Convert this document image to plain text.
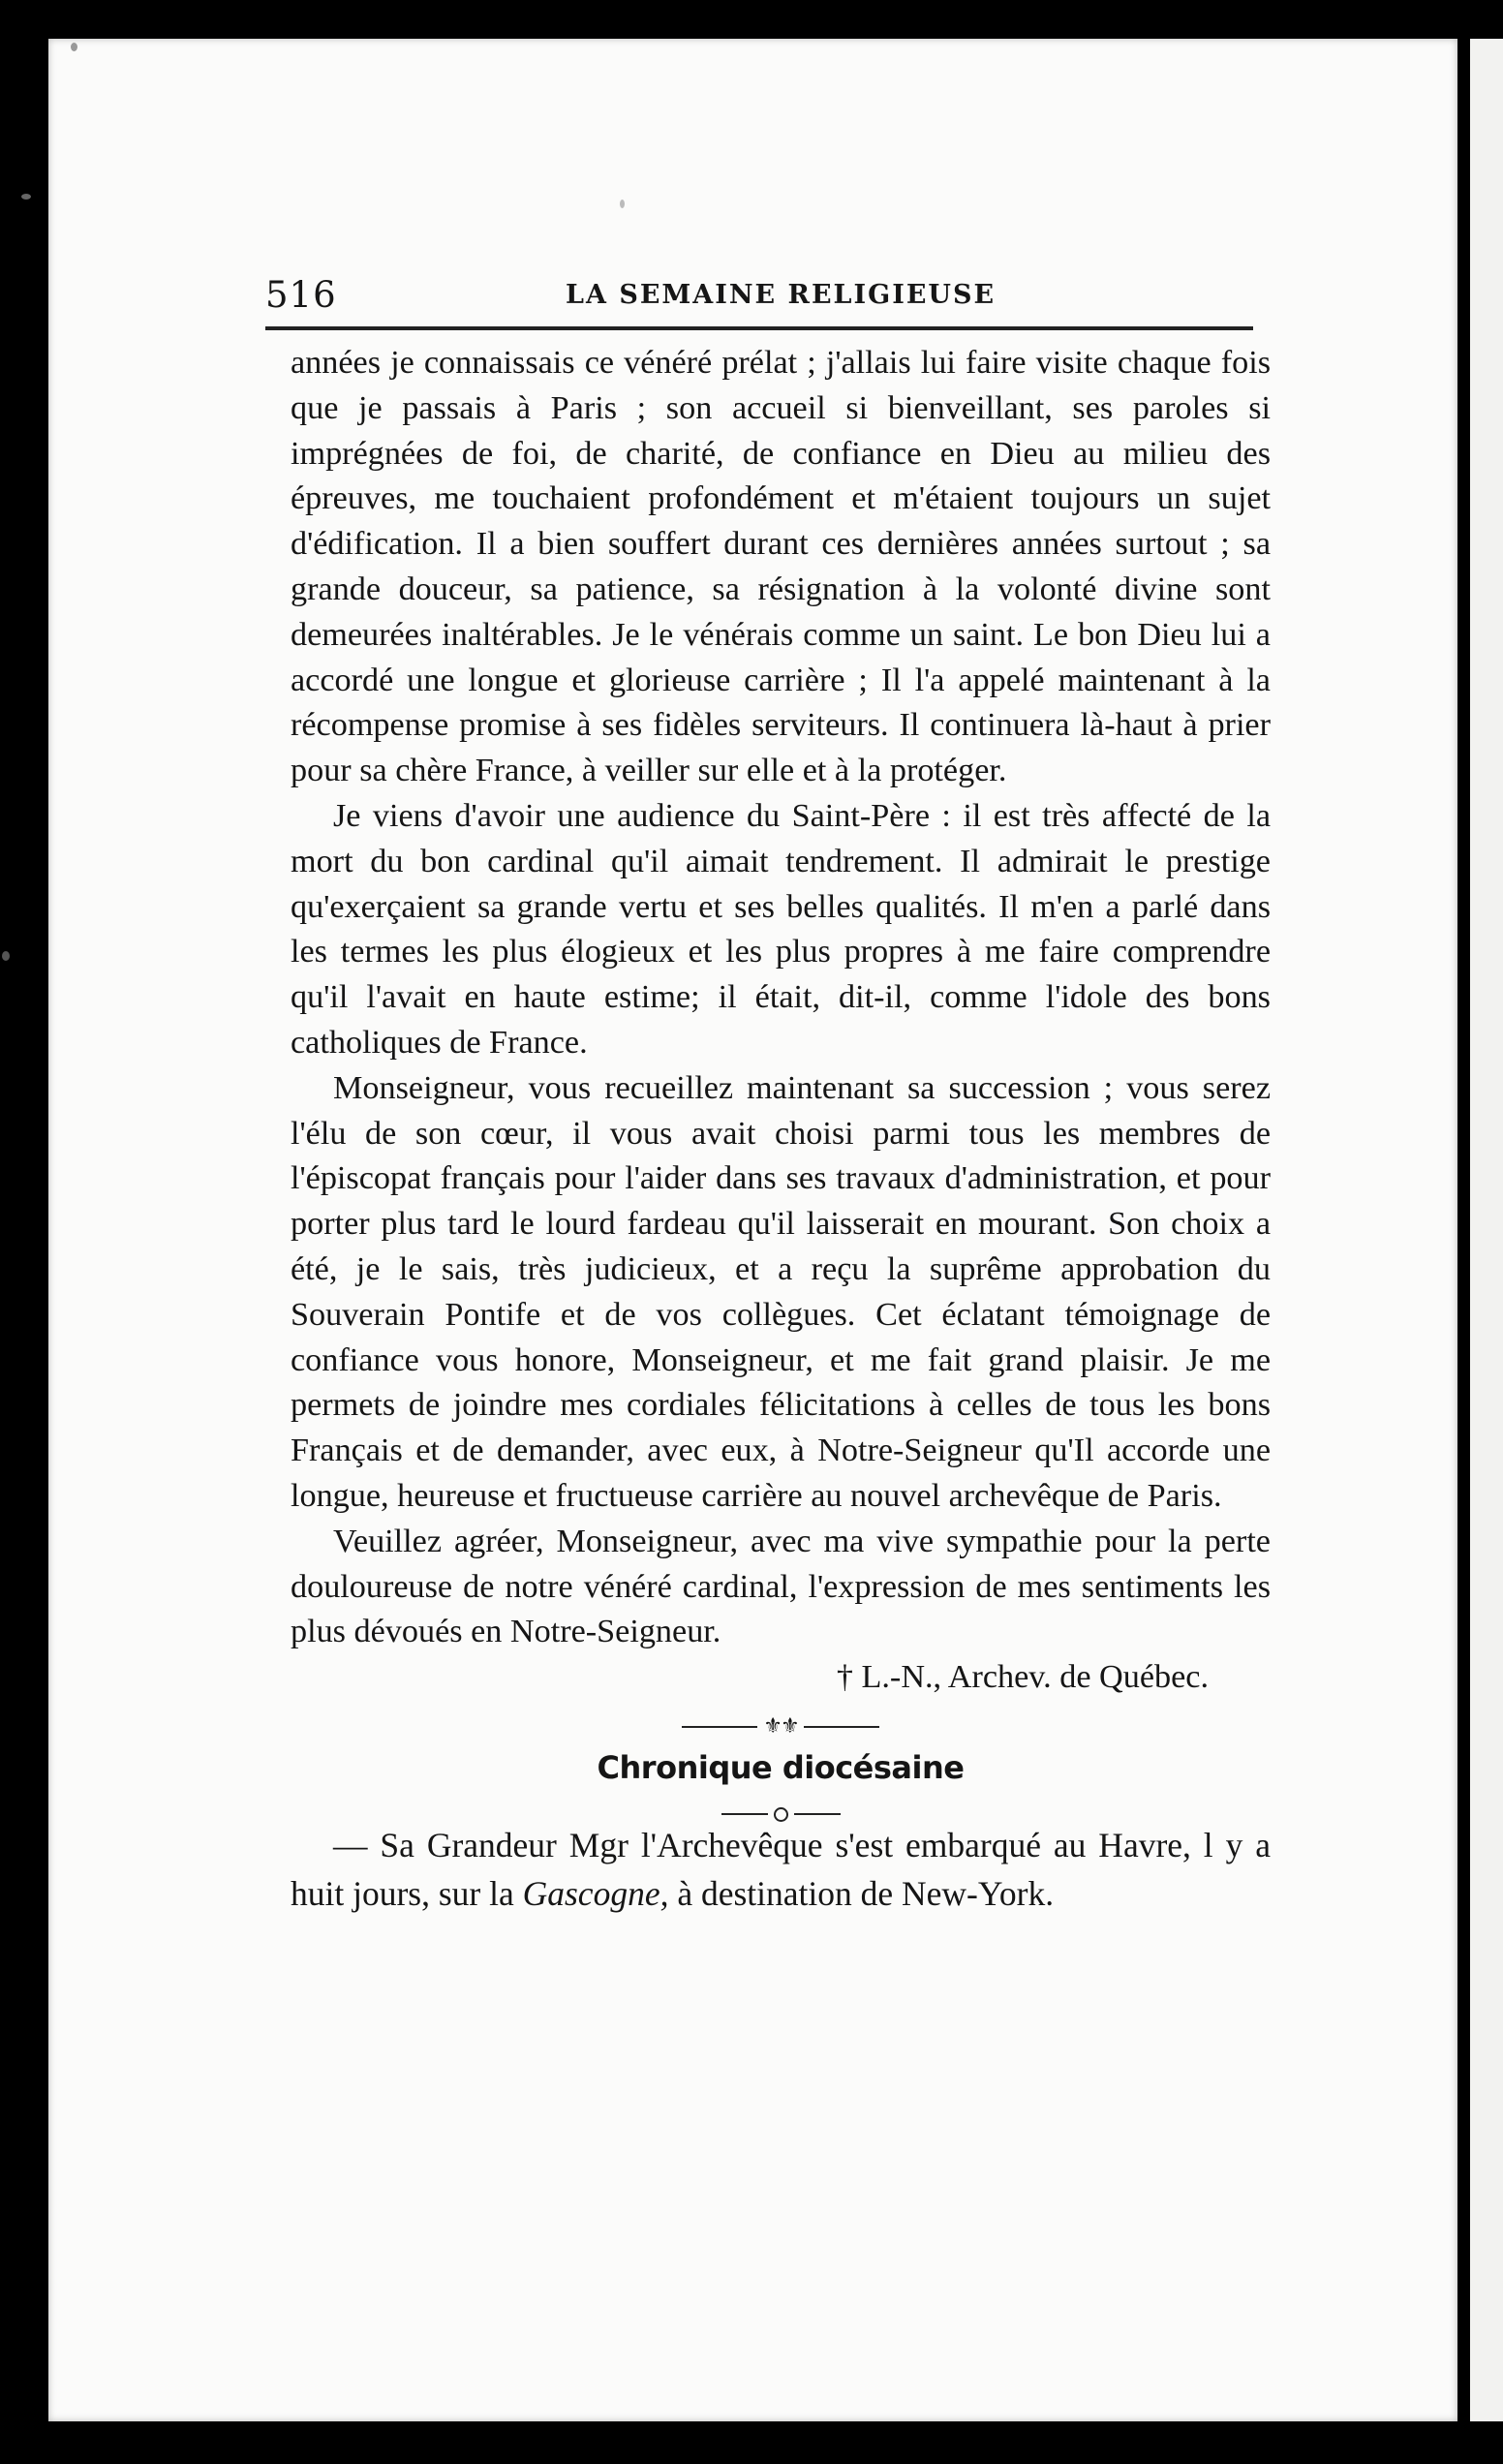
516	LA SEMAINE RELIGIEUSE

années je connaissais ce vénéré prélat ; j'allais lui faire visite chaque fois que je passais à Paris ; son accueil si bienveillant, ses paroles si imprégnées de foi, de charité, de confiance en Dieu au milieu des épreuves, me touchaient profondément et m'étaient toujours un sujet d'édification. Il a bien souffert durant ces dernières années surtout ; sa grande douceur, sa patience, sa résignation à la volonté divine sont demeurées inaltérables. Je le vénérais comme un saint. Le bon Dieu lui a accordé une longue et glorieuse carrière ; Il l'a appelé maintenant à la récompense promise à ses fidèles serviteurs. Il continuera là-haut à prier pour sa chère France, à veiller sur elle et à la protéger.

Je viens d'avoir une audience du Saint-Père : il est très affecté de la mort du bon cardinal qu'il aimait tendrement. Il admirait le prestige qu'exerçaient sa grande vertu et ses belles qualités. Il m'en a parlé dans les termes les plus élogieux et les plus propres à me faire comprendre qu'il l'avait en haute estime; il était, dit-il, comme l'idole des bons catholiques de France.

Monseigneur, vous recueillez maintenant sa succession ; vous serez l'élu de son cœur, il vous avait choisi parmi tous les membres de l'épiscopat français pour l'aider dans ses travaux d'administration, et pour porter plus tard le lourd fardeau qu'il laisserait en mourant. Son choix a été, je le sais, très judicieux, et a reçu la suprême approbation du Souverain Pontife et de vos collègues. Cet éclatant témoignage de confiance vous honore, Monseigneur, et me fait grand plaisir. Je me permets de joindre mes cordiales félicitations à celles de tous les bons Français et de demander, avec eux, à Notre-Seigneur qu'Il accorde une longue, heureuse et fructueuse carrière au nouvel archevêque de Paris.

Veuillez agréer, Monseigneur, avec ma vive sympathie pour la perte douloureuse de notre vénéré cardinal, l'expression de mes sentiments les plus dévoués en Notre-Seigneur.

† L.-N., Archev. de Québec.

⚜⚜
Chronique diocésaine

— Sa Grandeur Mgr l'Archevêque s'est embarqué au Havre, l y a huit jours, sur la Gascogne, à destination de New-York.
